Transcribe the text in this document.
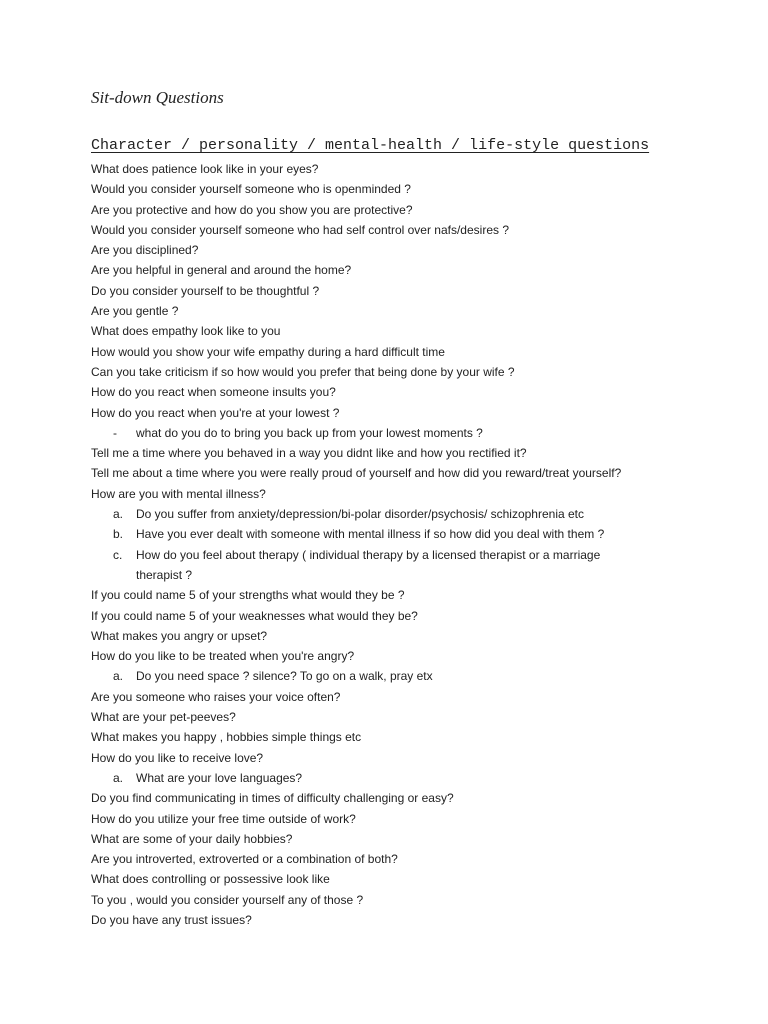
Sit-down Questions
Character / personality / mental-health / life-style questions
What does patience look like in your eyes?
Would you consider yourself someone who is openminded ?
Are you protective and how do you show you are protective?
Would you consider yourself someone who had self control over nafs/desires ?
Are you disciplined?
Are you helpful in general and around the home?
Do you consider yourself to be thoughtful ?
Are you gentle ?
What does empathy look like to you
How would you show your wife empathy during a hard difficult time
Can you take criticism if so how would you prefer that being done by your wife ?
How do you react when someone insults you?
How do you react when you're at your lowest ?
- what do you do to bring you back up from your lowest moments ?
Tell me a time where you behaved in a way you didnt like and how you rectified it?
Tell me about a time where you were really proud of yourself and how did you reward/treat yourself?
How are you with mental illness?
a. Do you suffer from anxiety/depression/bi-polar disorder/psychosis/ schizophrenia etc
b. Have you ever dealt with someone with mental illness if so how did you deal with them ?
c. How do you feel about therapy ( individual therapy by a licensed therapist or a marriage
therapist ?
If you could name 5 of your strengths what would they be ?
If you could name 5 of your weaknesses what would they be?
What makes you angry or upset?
How do you like to be treated when you're angry?
a. Do you need space ? silence? To go on a walk, pray etx
Are you someone who raises your voice often?
What are your pet-peeves?
What makes you happy , hobbies simple things etc
How do you like to receive love?
a. What are your love languages?
Do you find communicating in times of difficulty challenging or easy?
How do you utilize your free time outside of work?
What are some of your daily hobbies?
Are you introverted, extroverted or a combination of both?
What does controlling or possessive look like
To you , would you consider yourself any of those ?
Do you have any trust issues?
